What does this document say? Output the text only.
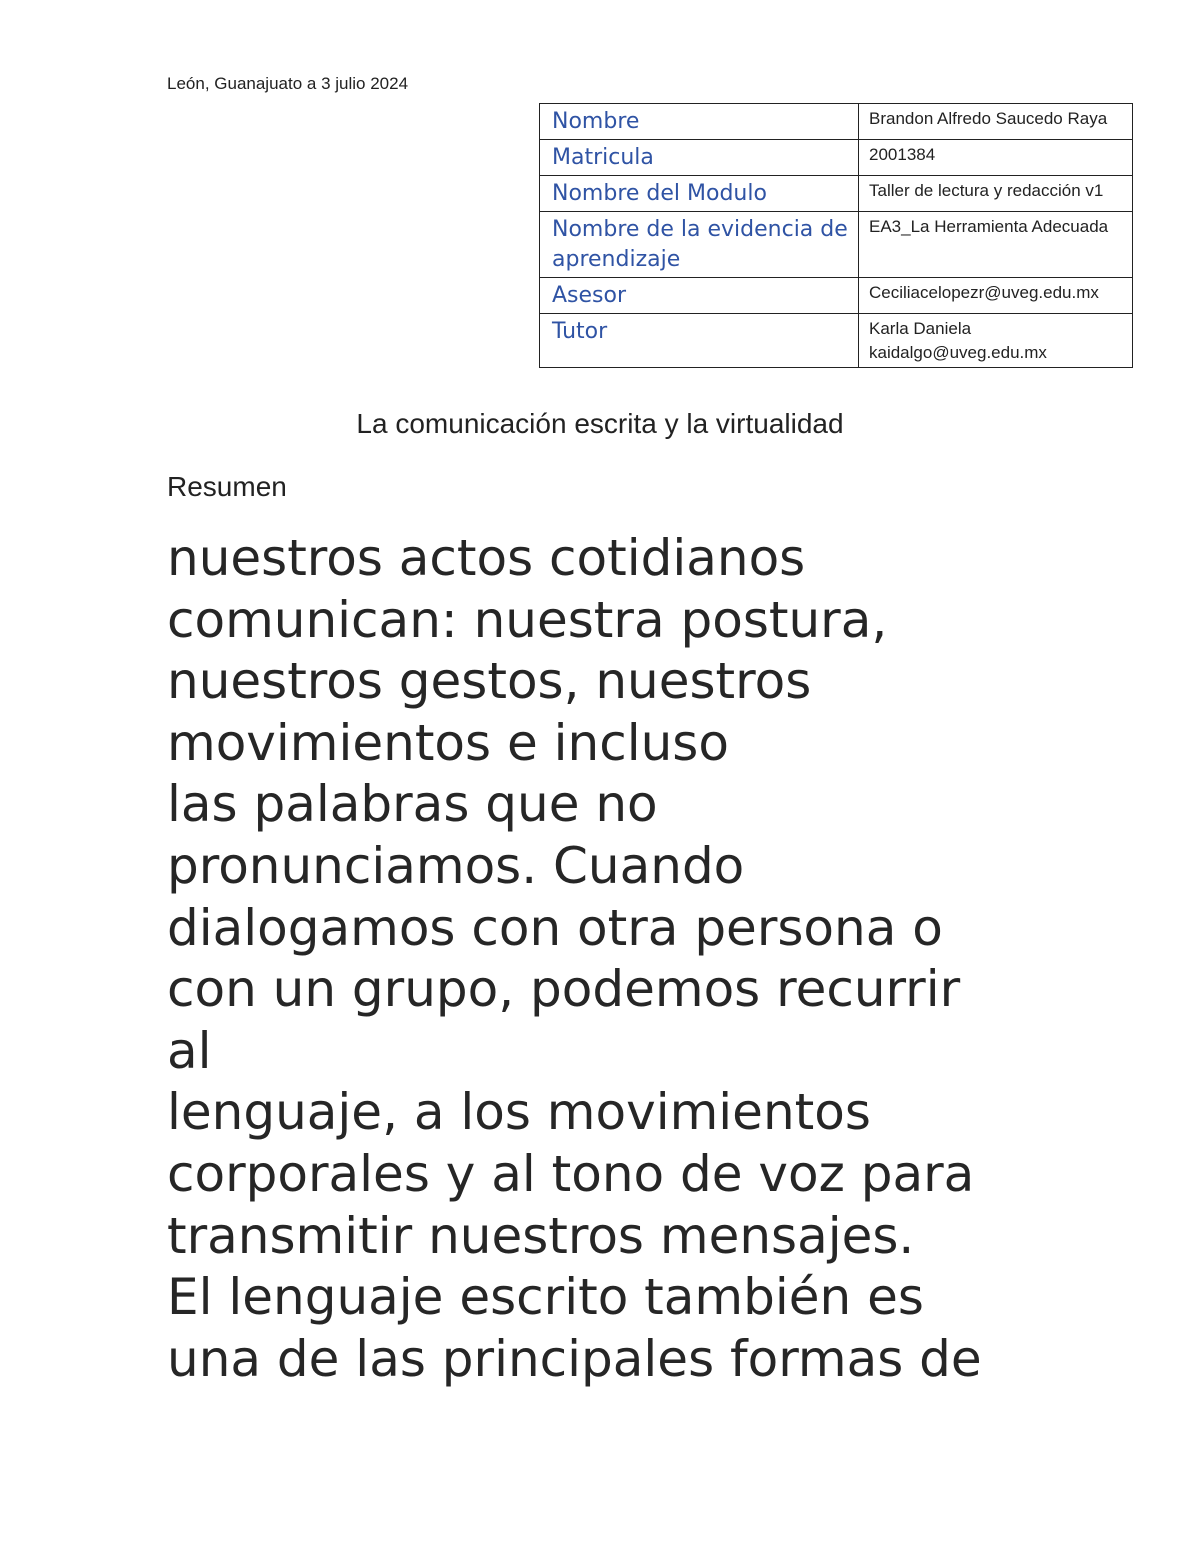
León, Guanajuato a 3 julio 2024
Nombre	Brandon Alfredo Saucedo Raya
Matricula	2001384
Nombre del Modulo	Taller de lectura y redacción v1
Nombre de la evidencia de aprendizaje	EA3_La Herramienta Adecuada
Asesor	Ceciliacelopezr@uveg.edu.mx
Tutor	Karla Daniela kaidalgo@uveg.edu.mx
La comunicación escrita y la virtualidad
Resumen
nuestros actos cotidianos
comunican: nuestra postura,
nuestros gestos, nuestros
movimientos e incluso
las palabras que no
pronunciamos. Cuando
dialogamos con otra persona o
con un grupo, podemos recurrir
al
lenguaje, a los movimientos
corporales y al tono de voz para
transmitir nuestros mensajes.
El lenguaje escrito también es
una de las principales formas de
